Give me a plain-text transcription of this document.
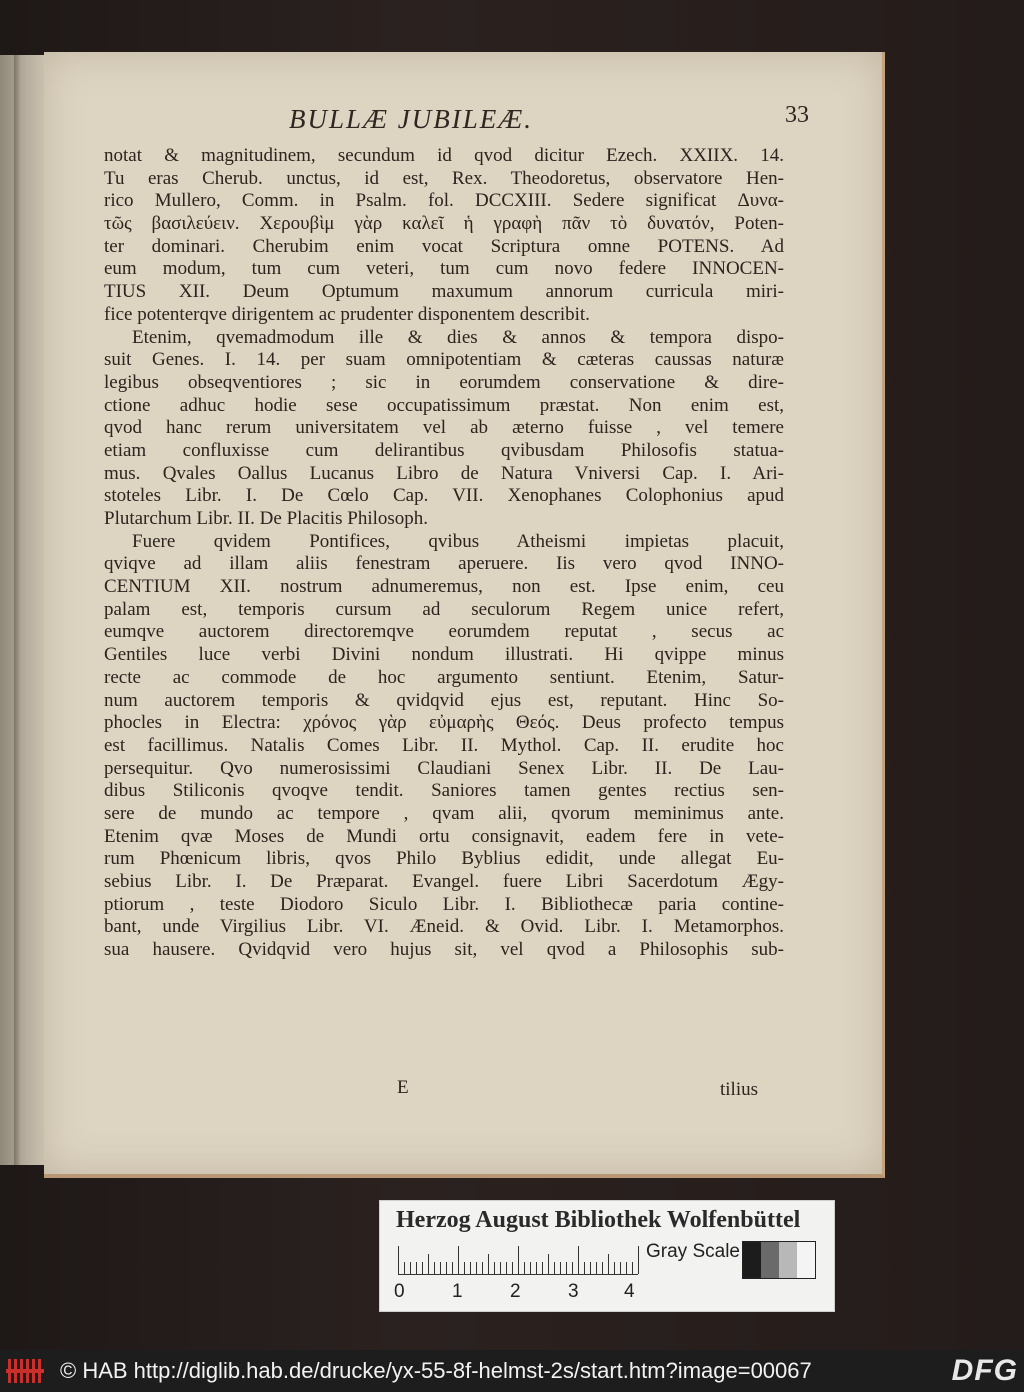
BULLÆ JUBILEÆ.	33
notat & magnitudinem, secundum id qvod dicitur Ezech. XXIIX. 14.
Tu eras Cherub. unctus, id est, Rex. Theodoretus, observatore Hen-
rico Mullero, Comm. in Psalm. fol. DCCXIII. Sedere significat Δυνα-
τῶς βασιλεύειν. Χερουβὶμ γὰρ καλεῖ ἡ γραφὴ πᾶν τὸ δυνατόν, Poten-
ter dominari. Cherubim enim vocat Scriptura omne POTENS. Ad
eum modum, tum cum veteri, tum cum novo federe INNOCEN-
TIUS XII. Deum Optumum maxumum annorum curricula miri-
fice potenterqve dirigentem ac prudenter disponentem describit.
Etenim, qvemadmodum ille & dies & annos & tempora dispo-
suit Genes. I. 14. per suam omnipotentiam & cæteras caussas naturæ
legibus obseqventiores ; sic in eorumdem conservatione & dire-
ctione adhuc hodie sese occupatissimum præstat. Non enim est,
qvod hanc rerum universitatem vel ab æterno fuisse , vel temere
etiam confluxisse cum delirantibus qvibusdam Philosofis statua-
mus. Qvales Oallus Lucanus Libro de Natura Vniversi Cap. I. Ari-
stoteles Libr. I. De Cœlo Cap. VII. Xenophanes Colophonius apud
Plutarchum Libr. II. De Placitis Philosoph.
Fuere qvidem Pontifices, qvibus Atheismi impietas placuit,
qviqve ad illam aliis fenestram aperuere. Iis vero qvod INNO-
CENTIUM XII. nostrum adnumeremus, non est. Ipse enim, ceu
palam est, temporis cursum ad seculorum Regem unice refert,
eumqve auctorem directoremqve eorumdem reputat , secus ac
Gentiles luce verbi Divini nondum illustrati. Hi qvippe minus
recte ac commode de hoc argumento sentiunt. Etenim, Satur-
num auctorem temporis & qvidqvid ejus est, reputant. Hinc So-
phocles in Electra: χρόνος γὰρ εὐμαρὴς Θεός. Deus profecto tempus
est facillimus. Natalis Comes Libr. II. Mythol. Cap. II. erudite hoc
persequitur. Qvo numerosissimi Claudiani Senex Libr. II. De Lau-
dibus Stiliconis qvoqve tendit. Saniores tamen gentes rectius sen-
sere de mundo ac tempore , qvam alii, qvorum meminimus ante.
Etenim qvæ Moses de Mundi ortu consignavit, eadem fere in vete-
rum Phœnicum libris, qvos Philo Byblius edidit, unde allegat Eu-
sebius Libr. I. De Præparat. Evangel. fuere Libri Sacerdotum Ægy-
ptiorum , teste Diodoro Siculo Libr. I. Bibliothecæ paria contine-
bant, unde Virgilius Libr. VI. Æneid. & Ovid. Libr. I. Metamorphos.
sua hausere. Qvidqvid vero hujus sit, vel qvod a Philosophis sub-
E	tilius
Herzog August Bibliothek Wolfenbüttel
0 1 2 3 4
Gray Scale
© HAB http://diglib.hab.de/drucke/yx-55-8f-helmst-2s/start.htm?image=00067	DFG
